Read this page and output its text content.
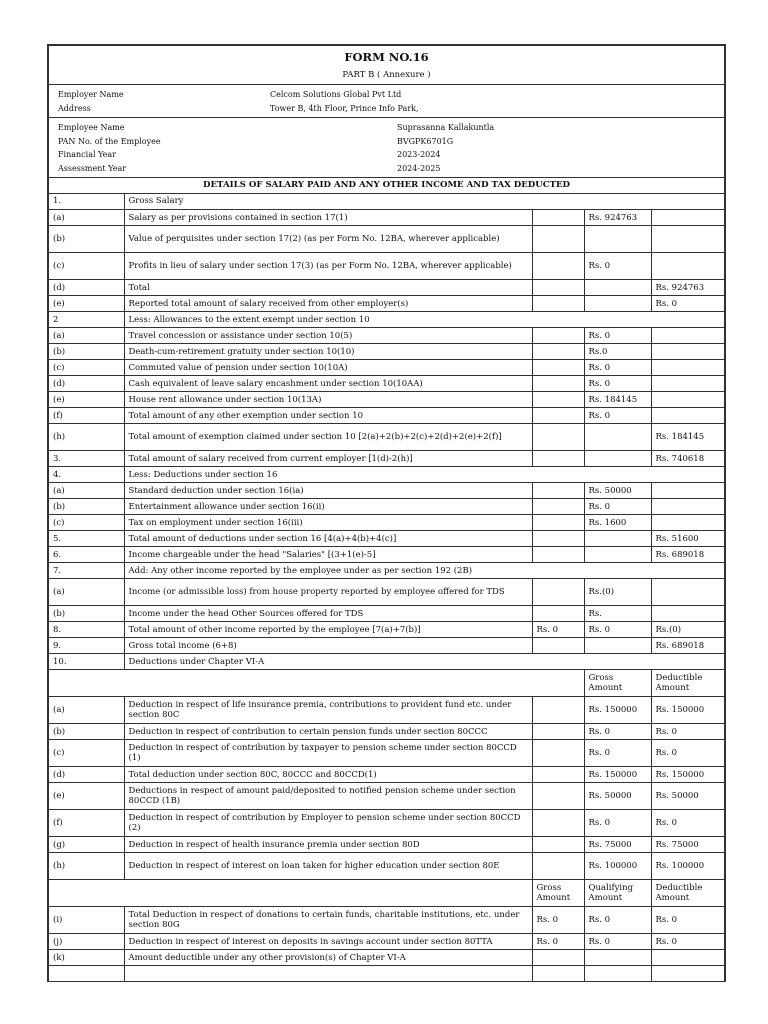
FORM NO.16
PART B ( Annexure )
Employer Name	Celcom Solutions Global Pvt Ltd
Address	Tower B, 4th Floor, Prince Info Park,
Employee Name	Suprasanna Kallakuntla
PAN No. of the Employee	BVGPK6701G
Financial Year	2023-2024
Assessment Year	2024-2025
DETAILS OF SALARY PAID AND ANY OTHER INCOME AND TAX DEDUCTED
1.	Gross Salary			
(a)	Salary as per provisions contained in section 17(1)		Rs. 924763	
(b)	Value of perquisites under section 17(2) (as per Form No. 12BA, wherever applicable)			
(c)	Profits in lieu of salary under section 17(3) (as per Form No. 12BA, wherever applicable)		Rs. 0	
(d)	Total			Rs. 924763
(e)	Reported total amount of salary received from other employer(s)			Rs. 0
2	Less: Allowances to the extent exempt under section 10			
(a)	Travel concession or assistance under section 10(5)		Rs. 0	
(b)	Death-cum-retirement gratuity under section 10(10)		Rs.0	
(c)	Commuted value of pension under section 10(10A)		Rs. 0	
(d)	Cash equivalent of leave salary encashment under section 10(10AA)		Rs. 0	
(e)	House rent allowance under section 10(13A)		Rs. 184145	
(f)	Total amount of any other exemption under section 10		Rs. 0	
(h)	Total amount of exemption claimed under section 10 [2(a)+2(b)+2(c)+2(d)+2(e)+2(f)]			Rs. 184145
3.	Total amount of salary received from current employer [1(d)-2(h)]			Rs. 740618
4.	Less: Deductions under section 16			
(a)	Standard deduction under section 16(ia)		Rs. 50000	
(b)	Entertainment allowance under section 16(ii)		Rs. 0	
(c)	Tax on employment under section 16(iii)		Rs. 1600	
5.	Total amount of deductions under section 16 [4(a)+4(b)+4(c)]			Rs. 51600
6.	Income chargeable under the head "Salaries" [(3+1(e)-5]			Rs. 689018
7.	Add: Any other income reported by the employee under as per section 192 (2B)			
(a)	Income (or admissible loss) from house property reported by employee offered for TDS		Rs.(0)	
(b)	Income under the head Other Sources offered for TDS		Rs.	
8.	Total amount of other income reported by the employee [7(a)+7(b)]	Rs. 0	Rs. 0	Rs.(0)
9.	Gross total income (6+8)			Rs. 689018
10.	Deductions under Chapter VI-A			
			Gross Amount	Deductible Amount
(a)	Deduction in respect of life insurance premia, contributions to provident fund etc. under section 80C		Rs. 150000	Rs. 150000
(b)	Deduction in respect of contribution to certain pension funds under section 80CCC		Rs. 0	Rs. 0
(c)	Deduction in respect of contribution by taxpayer to pension scheme under section 80CCD (1)		Rs. 0	Rs. 0
(d)	Total deduction under section 80C, 80CCC and 80CCD(1)		Rs. 150000	Rs. 150000
(e)	Deductions in respect of amount paid/deposited to notified pension scheme under section 80CCD (1B)		Rs. 50000	Rs. 50000
(f)	Deduction in respect of contribution by Employer to pension scheme under section 80CCD (2)		Rs. 0	Rs. 0
(g)	Deduction in respect of health insurance premia under section 80D		Rs. 75000	Rs. 75000
(h)	Deduction in respect of interest on loan taken for higher education under section 80E		Rs. 100000	Rs. 100000
		Gross Amount	Qualifying Amount	Deductible Amount
(i)	Total Deduction in respect of donations to certain funds, charitable institutions, etc. under section 80G	Rs. 0	Rs. 0	Rs. 0
(j)	Deduction in respect of interest on deposits in savings account under section 80TTA	Rs. 0	Rs. 0	Rs. 0
(k)	Amount deductible under any other provision(s) of Chapter VI-A			
